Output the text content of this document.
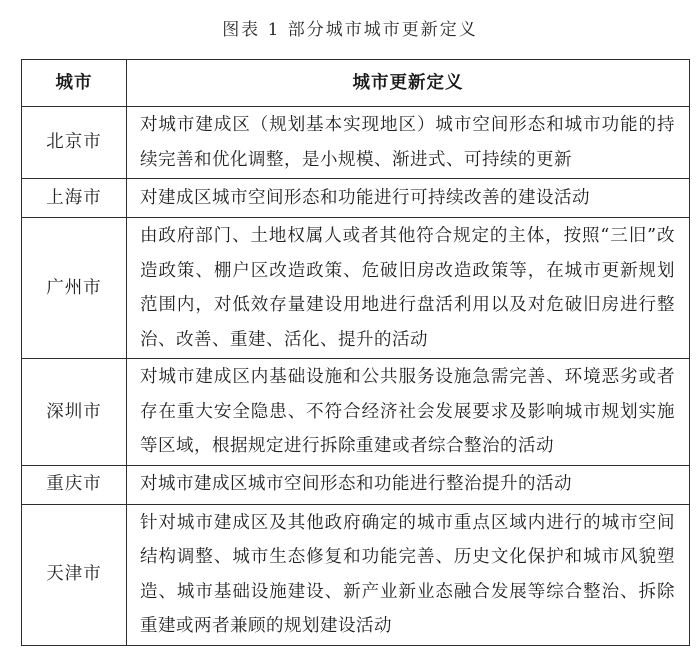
图表 1 部分城市城市更新定义
城市	城市更新定义
北京市	对城市建成区（规划基本实现地区）城市空间形态和城市功能的持续完善和优化调整，是小规模、渐进式、可持续的更新
上海市	对建成区城市空间形态和功能进行可持续改善的建设活动
广州市	由政府部门、土地权属人或者其他符合规定的主体，按照“三旧”改造政策、棚户区改造政策、危破旧房改造政策等，在城市更新规划范围内，对低效存量建设用地进行盘活利用以及对危破旧房进行整治、改善、重建、活化、提升的活动
深圳市	对城市建成区内基础设施和公共服务设施急需完善、环境恶劣或者存在重大安全隐患、不符合经济社会发展要求及影响城市规划实施等区域，根据规定进行拆除重建或者综合整治的活动
重庆市	对城市建成区城市空间形态和功能进行整治提升的活动
天津市	针对城市建成区及其他政府确定的城市重点区域内进行的城市空间结构调整、城市生态修复和功能完善、历史文化保护和城市风貌塑造、城市基础设施建设、新产业新业态融合发展等综合整治、拆除重建或两者兼顾的规划建设活动
